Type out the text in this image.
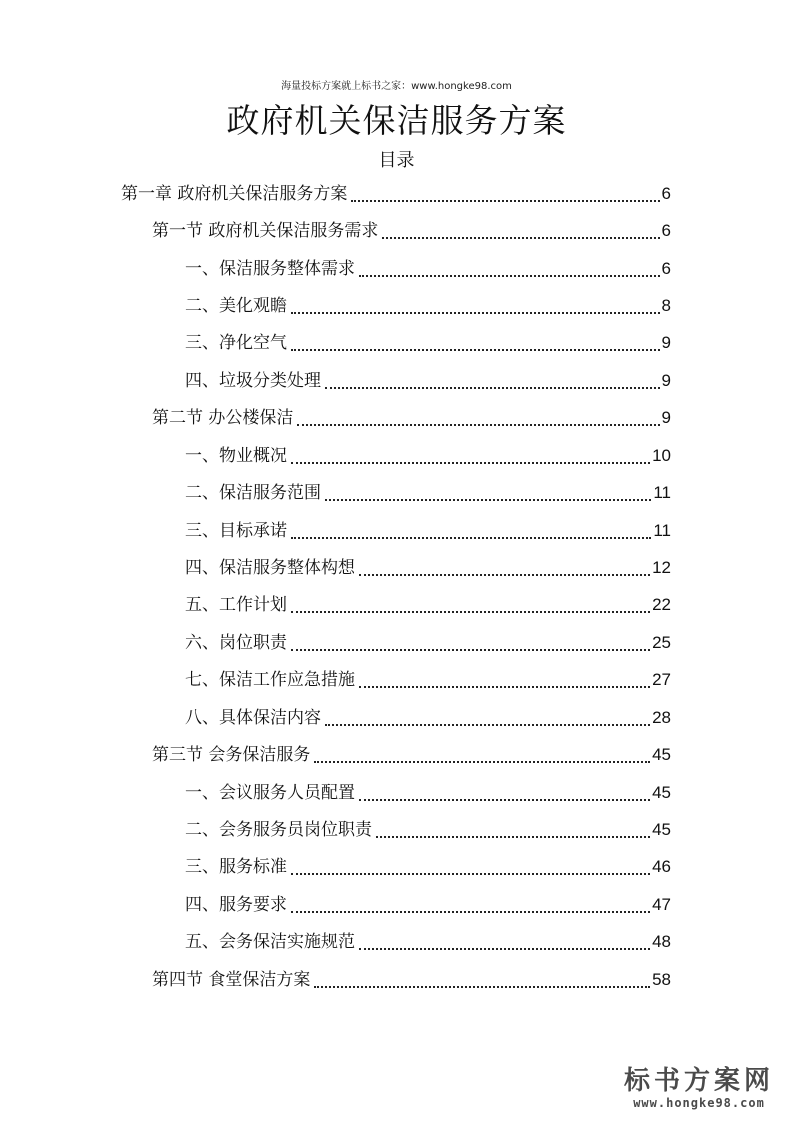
海量投标方案就上标书之家：www.hongke98.com
政府机关保洁服务方案
目录
第一章 政府机关保洁服务方案	6
第一节 政府机关保洁服务需求	6
一、保洁服务整体需求	6
二、美化观瞻	8
三、净化空气	9
四、垃圾分类处理	9
第二节 办公楼保洁	9
一、物业概况	10
二、保洁服务范围	11
三、目标承诺	11
四、保洁服务整体构想	12
五、工作计划	22
六、岗位职责	25
七、保洁工作应急措施	27
八、具体保洁内容	28
第三节 会务保洁服务	45
一、会议服务人员配置	45
二、会务服务员岗位职责	45
三、服务标准	46
四、服务要求	47
五、会务保洁实施规范	48
第四节 食堂保洁方案	58
标书方案网
www.hongke98.com
